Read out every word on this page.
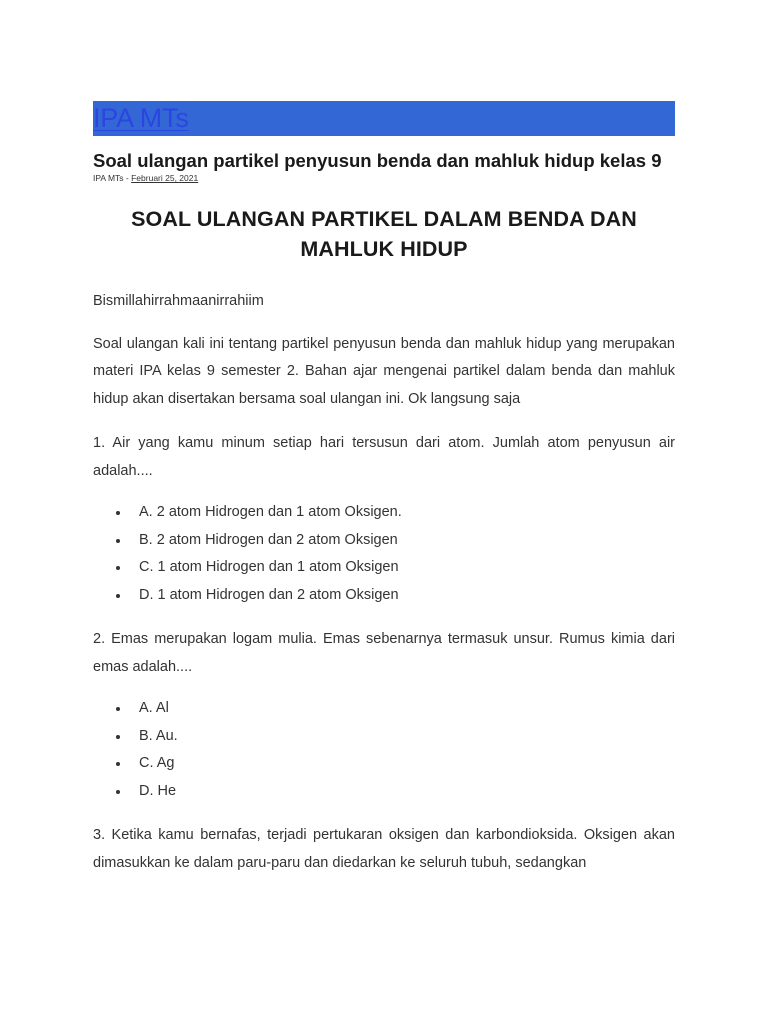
IPA MTs
Soal ulangan partikel penyusun benda dan mahluk hidup kelas 9
IPA MTs - Februari 25, 2021
SOAL ULANGAN PARTIKEL DALAM BENDA DAN MAHLUK HIDUP

Bismillahirrahmaanirrahiim

Soal ulangan kali ini tentang partikel penyusun benda dan mahluk hidup yang merupakan materi IPA kelas 9 semester 2. Bahan ajar mengenai partikel dalam benda dan mahluk hidup akan disertakan bersama soal ulangan ini. Ok langsung saja

1. Air yang kamu minum setiap hari tersusun dari atom. Jumlah atom penyusun air adalah....

A. 2 atom Hidrogen dan 1 atom Oksigen.
B. 2 atom Hidrogen dan 2 atom Oksigen
C. 1 atom Hidrogen dan 1 atom Oksigen
D. 1 atom Hidrogen dan 2 atom Oksigen

2. Emas merupakan logam mulia. Emas sebenarnya termasuk unsur. Rumus kimia dari emas adalah....

A. Al
B. Au.
C. Ag
D. He

3. Ketika kamu bernafas, terjadi pertukaran oksigen dan karbondioksida. Oksigen akan dimasukkan ke dalam paru-paru dan diedarkan ke seluruh tubuh, sedangkan
